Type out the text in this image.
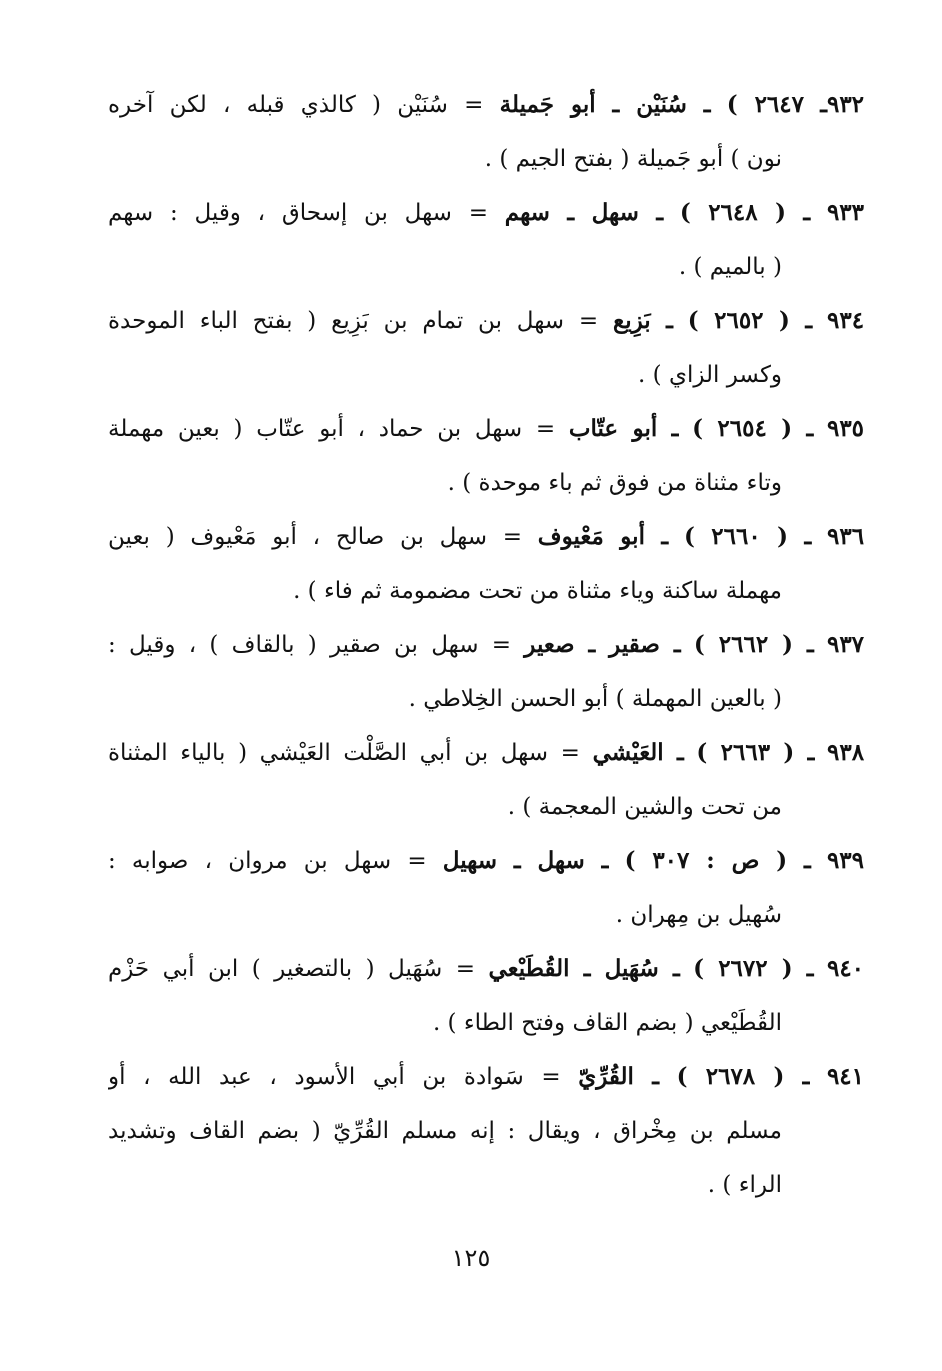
٩٣٢ـ ٢٦٤٧ ) ـ سُنَيْن ـ أبو جَميلة = سُنَيْن ( كالذي قبله ، لكن آخره
نون ) أبو جَميلة ( بفتح الجيم ) .
٩٣٣ ـ ( ٢٦٤٨ ) ـ سهل ـ سهم = سهل بن إسحاق ، وقيل : سهم
( بالميم ) .
٩٣٤ ـ ( ٢٦٥٢ ) ـ بَزِيع = سهل بن تمام بن بَزِيع ( بفتح الباء الموحدة
وكسر الزاي ) .
٩٣٥ ـ ( ٢٦٥٤ ) ـ أبو عتّاب = سهل بن حماد ، أبو عتّاب ( بعين مهملة
وتاء مثناة من فوق ثم باء موحدة ) .
٩٣٦ ـ ( ٢٦٦٠ ) ـ أبو مَعْيوف = سهل بن صالح ، أبو مَعْيوف ( بعين
مهملة ساكنة وياء مثناة من تحت مضمومة ثم فاء ) .
٩٣٧ ـ ( ٢٦٦٢ ) ـ صقير ـ صعير = سهل بن صقير ( بالقاف ) ، وقيل :
( بالعين المهملة ) أبو الحسن الخِلاطي .
٩٣٨ ـ ( ٢٦٦٣ ) ـ العَيْشي = سهل بن أبي الصَّلْت العَيْشي ( بالياء المثناة
من تحت والشين المعجمة ) .
٩٣٩ ـ ( ص : ٣٠٧ ) ـ سهل ـ سهيل = سهل بن مروان ، صوابه :
سُهيل بن مِهران .
٩٤٠ ـ ( ٢٦٧٢ ) ـ سُهَيل ـ القُطَيْعي = سُهَيل ( بالتصغير ) ابن أبي حَزْم
القُطَيْعي ( بضم القاف وفتح الطاء ) .
٩٤١ ـ ( ٢٦٧٨ ) ـ القُرِّيّ = سَوادة بن أبي الأسود ، عبد الله ، أو
مسلم بن مِخْراق ، ويقال : إنه مسلم القُرِّيّ ( بضم القاف وتشديد
الراء ) .
١٢٥
